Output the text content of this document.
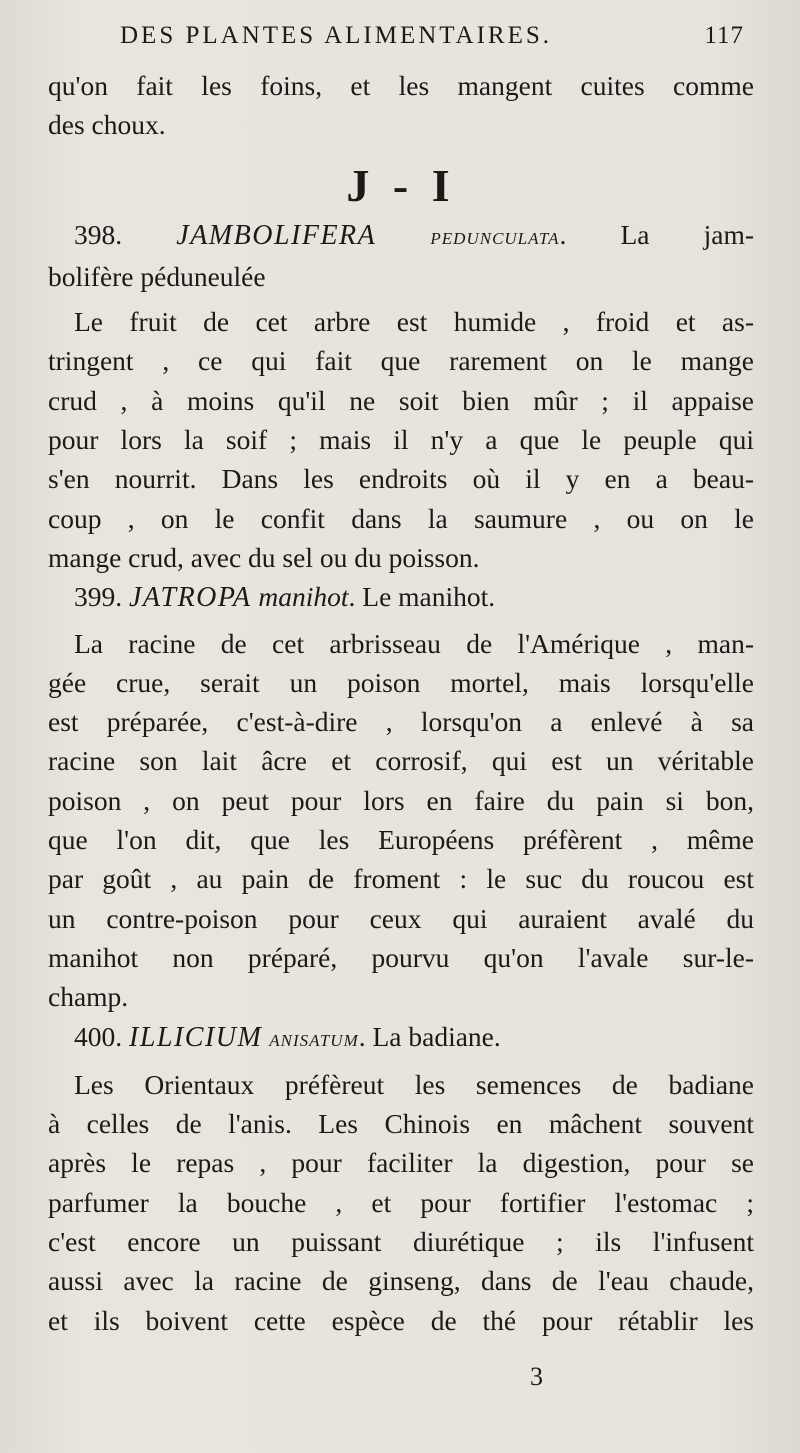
DES PLANTES ALIMENTAIRES.	117
qu'on fait les foins, et les mangent cuites comme
des choux.
J - I
398. JAMBOLIFERA pedunculata. La jam-
bolifère péduneulée
Le fruit de cet arbre est humide , froid et as-
tringent , ce qui fait que rarement on le mange
crud , à moins qu'il ne soit bien mûr ; il appaise
pour lors la soif ; mais il n'y a que le peuple qui
s'en nourrit. Dans les endroits où il y en a beau-
coup , on le confit dans la saumure , ou on le
mange crud, avec du sel ou du poisson.
399. JATROPA manihot. Le manihot.
La racine de cet arbrisseau de l'Amérique , man-
gée crue, serait un poison mortel, mais lorsqu'elle
est préparée, c'est-à-dire , lorsqu'on a enlevé à sa
racine son lait âcre et corrosif, qui est un véritable
poison , on peut pour lors en faire du pain si bon,
que l'on dit, que les Européens préfèrent , même
par goût , au pain de froment : le suc du roucou est
un contre-poison pour ceux qui auraient avalé du
manihot non préparé, pourvu qu'on l'avale sur-le-
champ.
400. ILLICIUM anisatum. La badiane.
Les Orientaux préfèreut les semences de badiane
à celles de l'anis. Les Chinois en mâchent souvent
après le repas , pour faciliter la digestion, pour se
parfumer la bouche , et pour fortifier l'estomac ;
c'est encore un puissant diurétique ; ils l'infusent
aussi avec la racine de ginseng, dans de l'eau chaude,
et ils boivent cette espèce de thé pour rétablir les
3
